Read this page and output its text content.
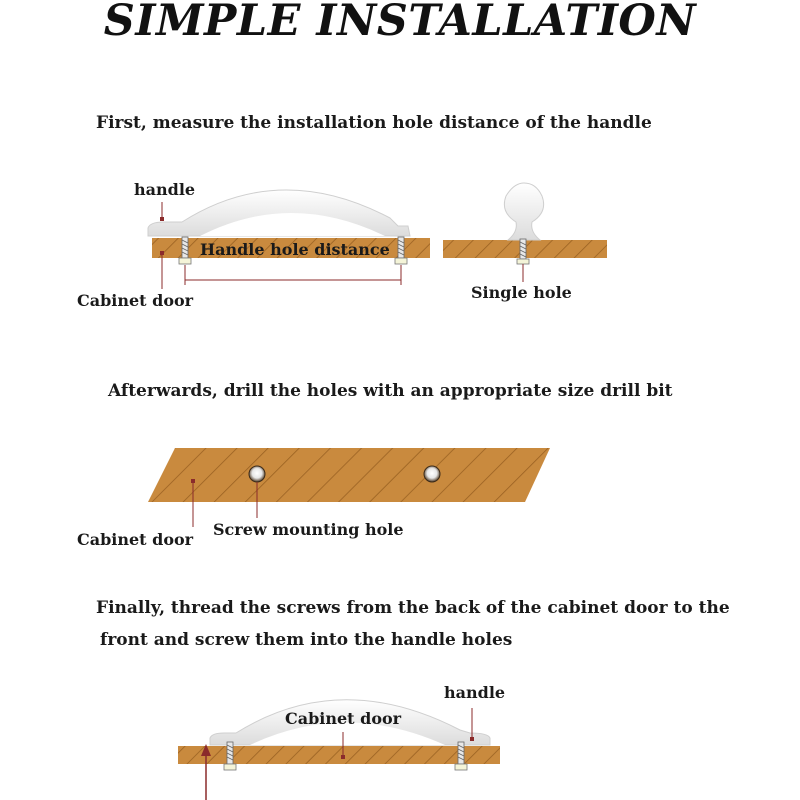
SIMPLE INSTALLATION
First, measure the installation hole distance of the handle
Afterwards, drill the holes with an appropriate size drill bit
Finally, thread the screws from the back of the cabinet door to the
front and screw them into the handle holes
handle
Handle hole distance
Cabinet door	Single hole
Cabinet door
Screw mounting hole
handle
Cabinet door
